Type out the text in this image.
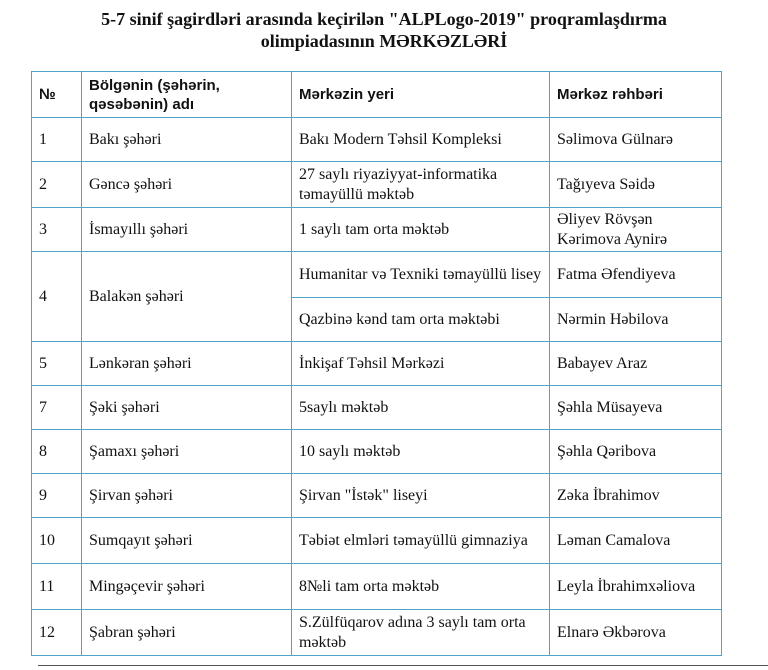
5-7 sinif şagirdləri arasında keçirilən "ALPLogo-2019" proqramlaşdırma
olimpiadasının MƏRKƏZLƏRİ
№	Bölgənin (şəhərin, qəsəbənin) adı	Mərkəzin yeri	Mərkəz rəhbəri
1	Bakı şəhəri	Bakı Modern Təhsil Kompleksi	Səlimova Gülnarə
2	Gəncə şəhəri	27 saylı riyaziyyat-informatika təmayüllü məktəb	Tağıyeva Səidə
3	İsmayıllı şəhəri	1 saylı tam orta məktəb	Əliyev Rövşən Kərimova Aynirə
4	Balakən şəhəri	Humanitar və Texniki təmayüllü lisey	Fatma Əfendiyeva
		Qazbinə kənd tam orta məktəbi	Nərmin Həbilova
5	Lənkəran şəhəri	İnkişaf Təhsil Mərkəzi	Babayev Araz
7	Şəki şəhəri	5saylı məktəb	Şəhla Müsayeva
8	Şamaxı şəhəri	10 saylı məktəb	Şəhla Qəribova
9	Şirvan şəhəri	Şirvan "İstək" liseyi	Zəka İbrahimov
10	Sumqayıt şəhəri	Təbiət elmləri təmayüllü gimnaziya	Ləman Camalova
11	Mingəçevir şəhəri	8№li tam orta məktəb	Leyla İbrahimxəliova
12	Şabran şəhəri	S.Zülfüqarov adına 3 saylı tam orta məktəb	Elnarə Əkbərova
